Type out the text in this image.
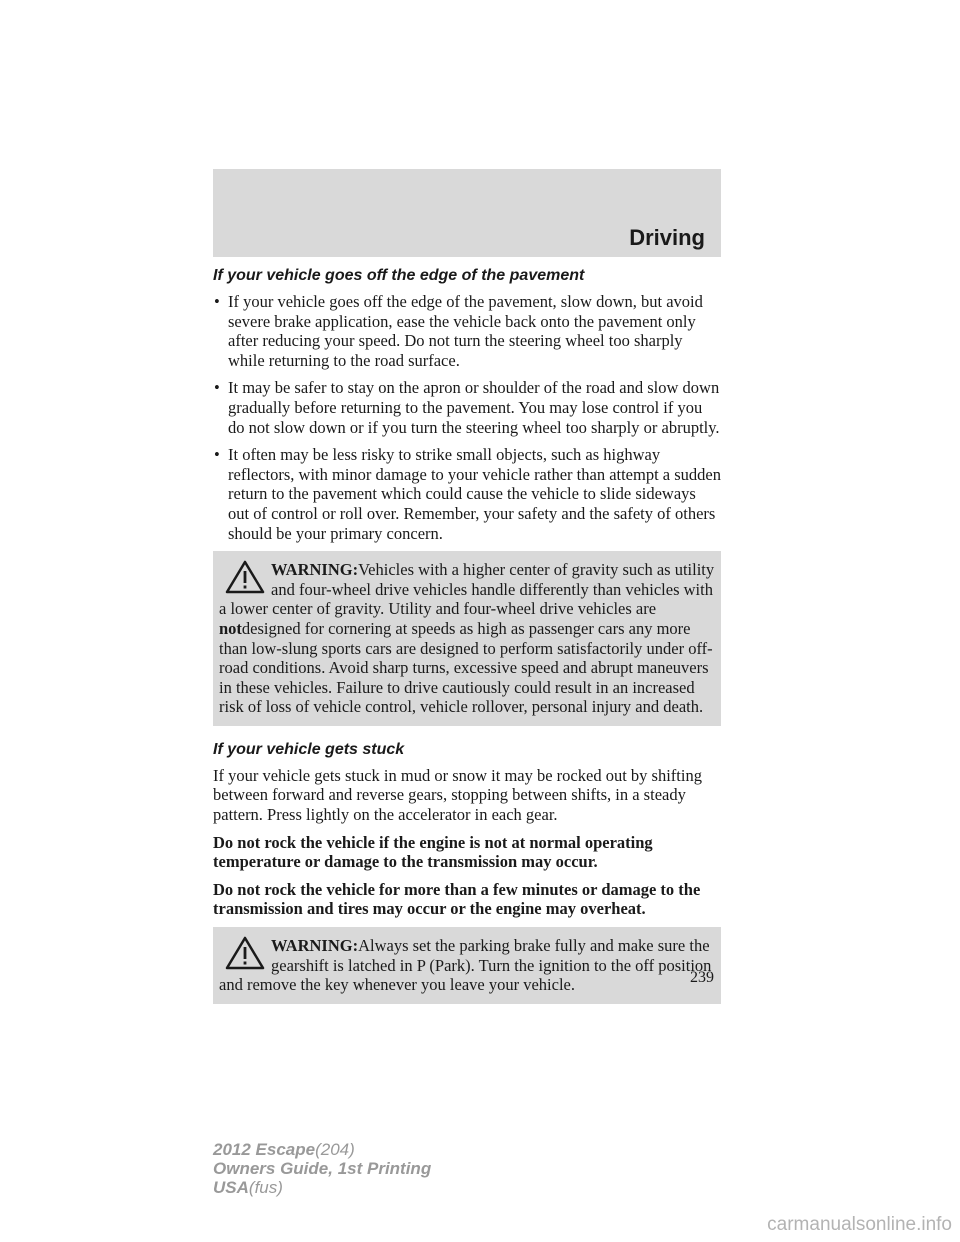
Driving
If your vehicle goes off the edge of the pavement
• If your vehicle goes off the edge of the pavement, slow down, but avoid severe brake application, ease the vehicle back onto the pavement only after reducing your speed. Do not turn the steering wheel too sharply while returning to the road surface.
• It may be safer to stay on the apron or shoulder of the road and slow down gradually before returning to the pavement. You may lose control if you do not slow down or if you turn the steering wheel too sharply or abruptly.
• It often may be less risky to strike small objects, such as highway reflectors, with minor damage to your vehicle rather than attempt a sudden return to the pavement which could cause the vehicle to slide sideways out of control or roll over. Remember, your safety and the safety of others should be your primary concern.

WARNING:Vehicles with a higher center of gravity such as utility and four-wheel drive vehicles handle differently than vehicles with a lower center of gravity. Utility and four-wheel drive vehicles are notdesigned for cornering at speeds as high as passenger cars any more than low-slung sports cars are designed to perform satisfactorily under off-road conditions. Avoid sharp turns, excessive speed and abrupt maneuvers in these vehicles. Failure to drive cautiously could result in an increased risk of loss of vehicle control, vehicle rollover, personal injury and death.

If your vehicle gets stuck

If your vehicle gets stuck in mud or snow it may be rocked out by shifting between forward and reverse gears, stopping between shifts, in a steady pattern. Press lightly on the accelerator in each gear.

Do not rock the vehicle if the engine is not at normal operating temperature or damage to the transmission may occur.

Do not rock the vehicle for more than a few minutes or damage to the transmission and tires may occur or the engine may overheat.

WARNING:Always set the parking brake fully and make sure the gearshift is latched in P (Park). Turn the ignition to the off position and remove the key whenever you leave your vehicle.	239
2012 Escape(204)
Owners Guide, 1st Printing
USA(fus)
carmanualsonline.info
